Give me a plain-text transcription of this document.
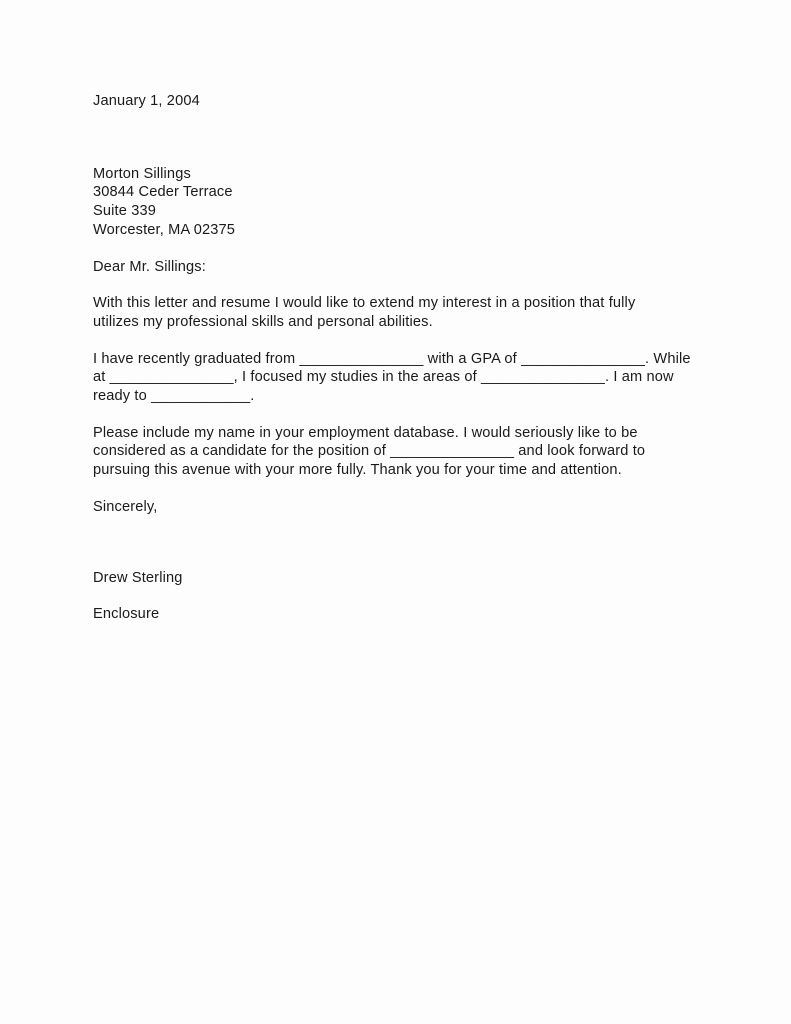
January 1, 2004
Morton Sillings
30844 Ceder Terrace
Suite 339
Worcester, MA 02375
Dear Mr. Sillings:
With this letter and resume I would like to extend my interest in a position that fully utilizes my professional skills and personal abilities.
I have recently graduated from _______________ with a GPA of _______________. While at _______________, I focused my studies in the areas of _______________. I am now ready to ____________.
Please include my name in your employment database. I would seriously like to be considered as a candidate for the position of _______________ and look forward to pursuing this avenue with your more fully. Thank you for your time and attention.
Sincerely,
Drew Sterling
Enclosure
